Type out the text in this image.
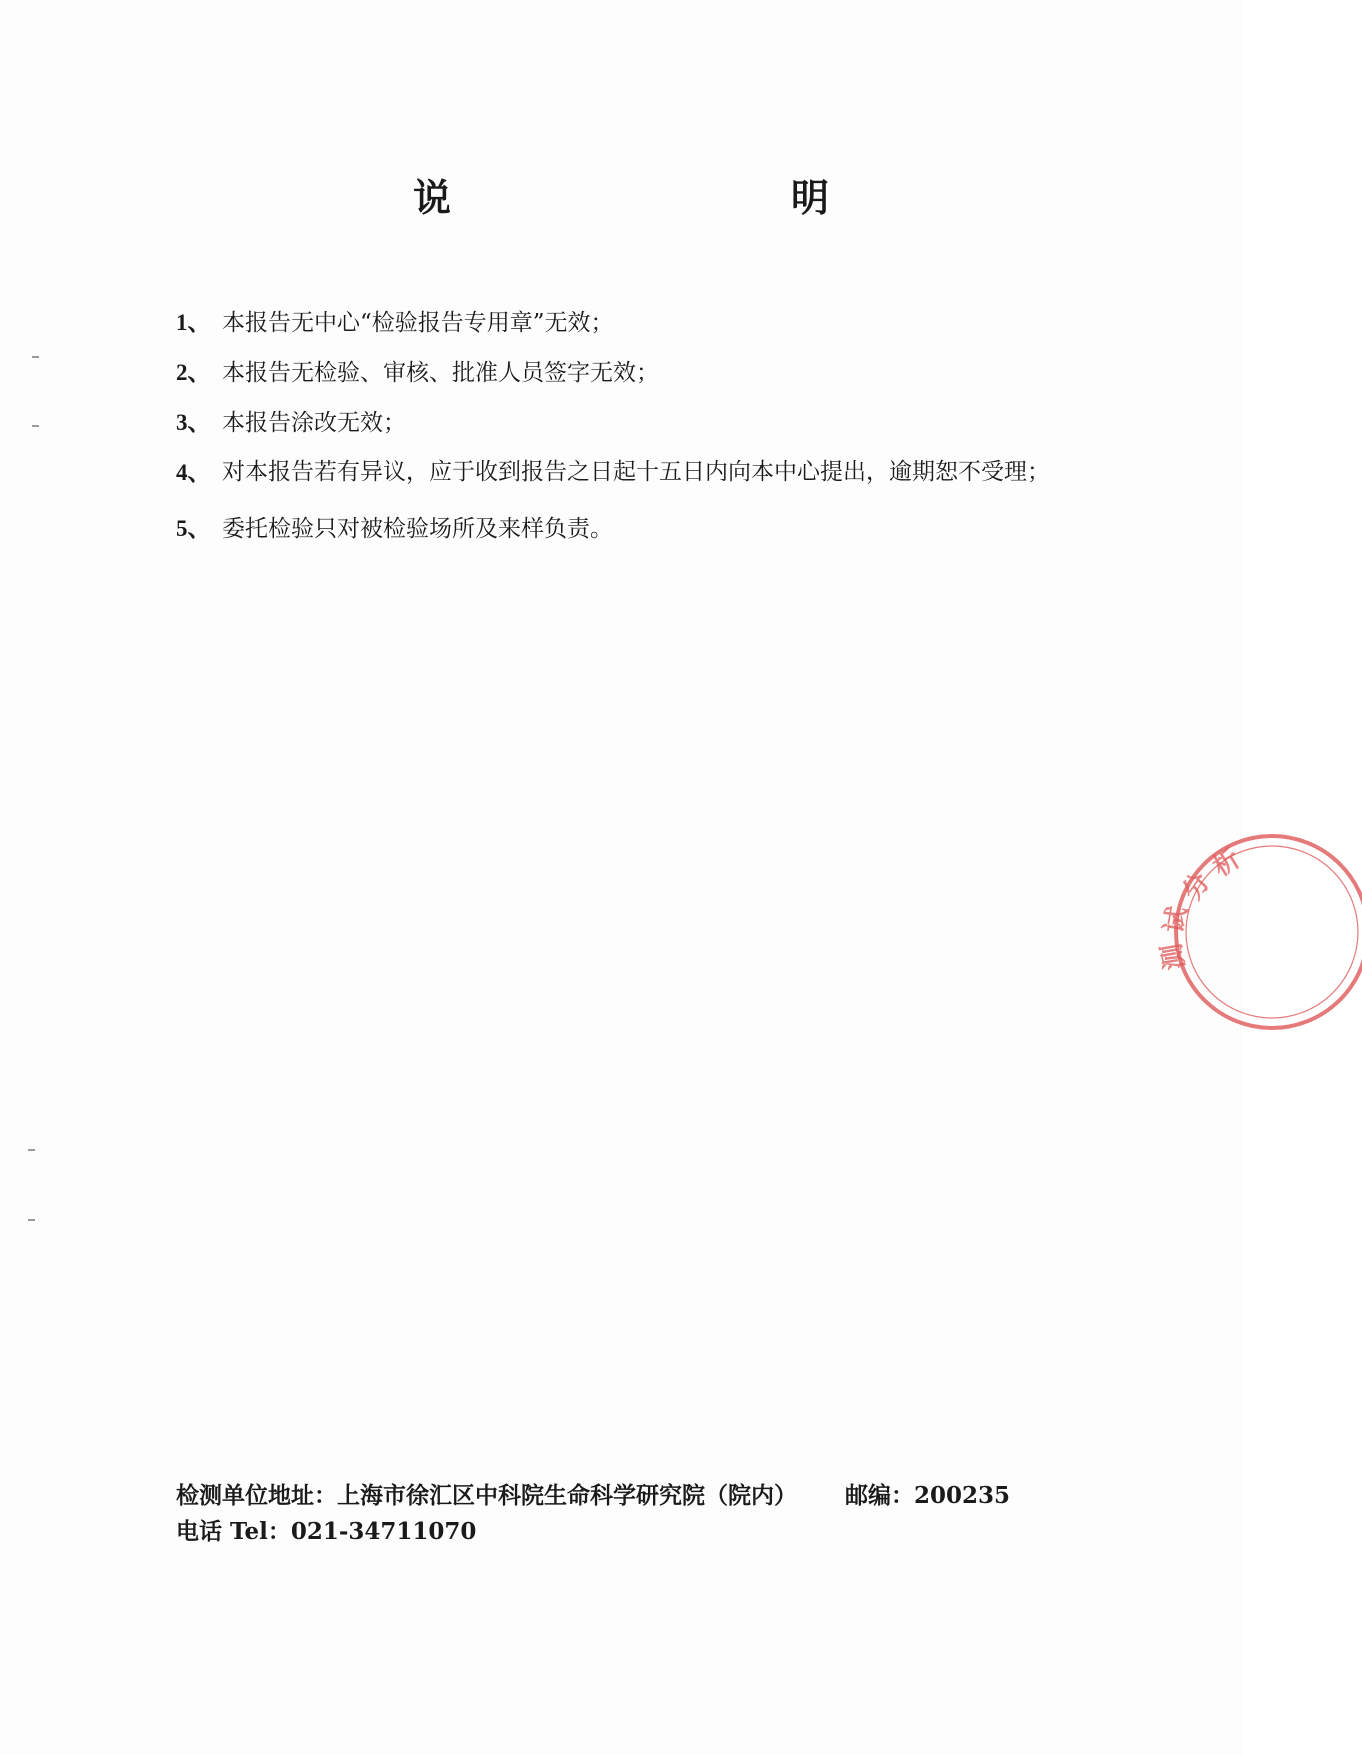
说　　明
1、 本报告无中心“检验报告专用章”无效；
2、 本报告无检验、审核、批准人员签字无效；
3、 本报告涂改无效；
4、 对本报告若有异议，应于收到报告之日起十五日内向本中心提出，逾期恕不受理；
5、 委托检验只对被检验场所及来样负责。
检测单位地址：上海市徐汇区中科院生命科学研究院（院内） 邮编：200235
电话 Tel：021-34711070
析
分
试
测
